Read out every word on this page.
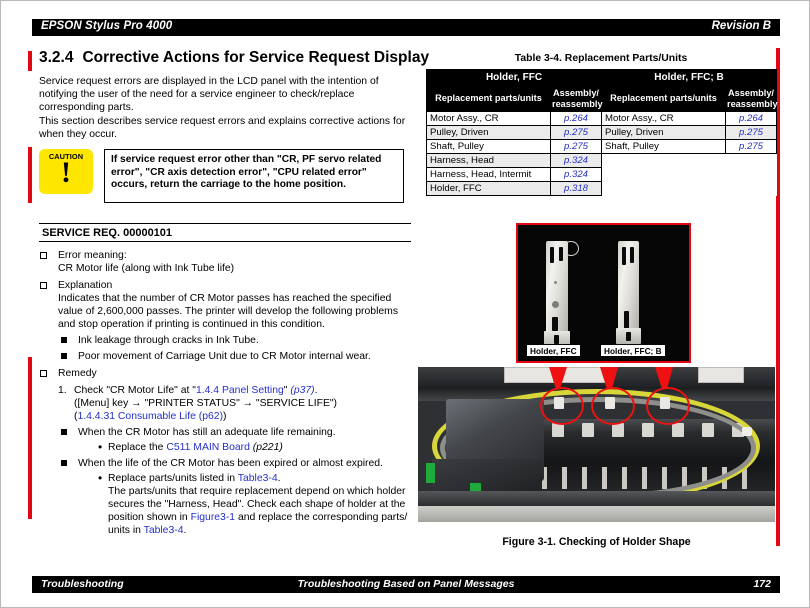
EPSON Stylus Pro 4000	Revision B
3.2.4 Corrective Actions for Service Request Display
Service request errors are displayed in the LCD panel with the intention of notifying the user of the need for a service engineer to check/replace corresponding parts.
This section describes service request errors and explains corrective actions for when they occur.
CAUTION
!	If service request error other than "CR, PF servo related error", "CR axis detection error", "CPU related error" occurs, return the carriage to the home position.

SERVICE REQ. 00000101
Error meaning:
CR Motor life (along with Ink Tube life)
Explanation
Indicates that the number of CR Motor passes has reached the specified value of 2,600,000 passes. The printer will develop the following problems and stop operation if printing is continued in this condition.
Ink leakage through cracks in Ink Tube.
Poor movement of Carriage Unit due to CR Motor internal wear.
Remedy
1. Check "CR Motor Life" at "1.4.4 Panel Setting" (p37).
([Menu] key → "PRINTER STATUS" → "SERVICE LIFE")
(1.4.4.31 Consumable Life (p62))
When the CR Motor has still an adequate life remaining.
• Replace the C511 MAIN Board (p221)
When the life of the CR Motor has been expired or almost expired.
• Replace parts/units listed in Table3-4.
The parts/units that require replacement depend on which holder
secures the "Harness, Head". Check each shape of holder at the
position shown in Figure3-1 and replace the corresponding parts/
units in Table3-4.
Table 3-4. Replacement Parts/Units
Holder, FFC		Holder, FFC; B	
Replacement parts/units	Assembly/ reassembly	Replacement parts/units	Assembly/ reassembly
Motor Assy., CR	p.264	Motor Assy., CR	p.264
Pulley, Driven	p.275	Pulley, Driven	p.275
Shaft, Pulley	p.275	Shaft, Pulley	p.275
Harness, Head	p.324		
Harness, Head, Intermit	p.324		
Holder, FFC	p.318		
Holder, FFC	Holder, FFC; B
Figure 3-1. Checking of Holder Shape
Troubleshooting	Troubleshooting Based on Panel Messages	172
